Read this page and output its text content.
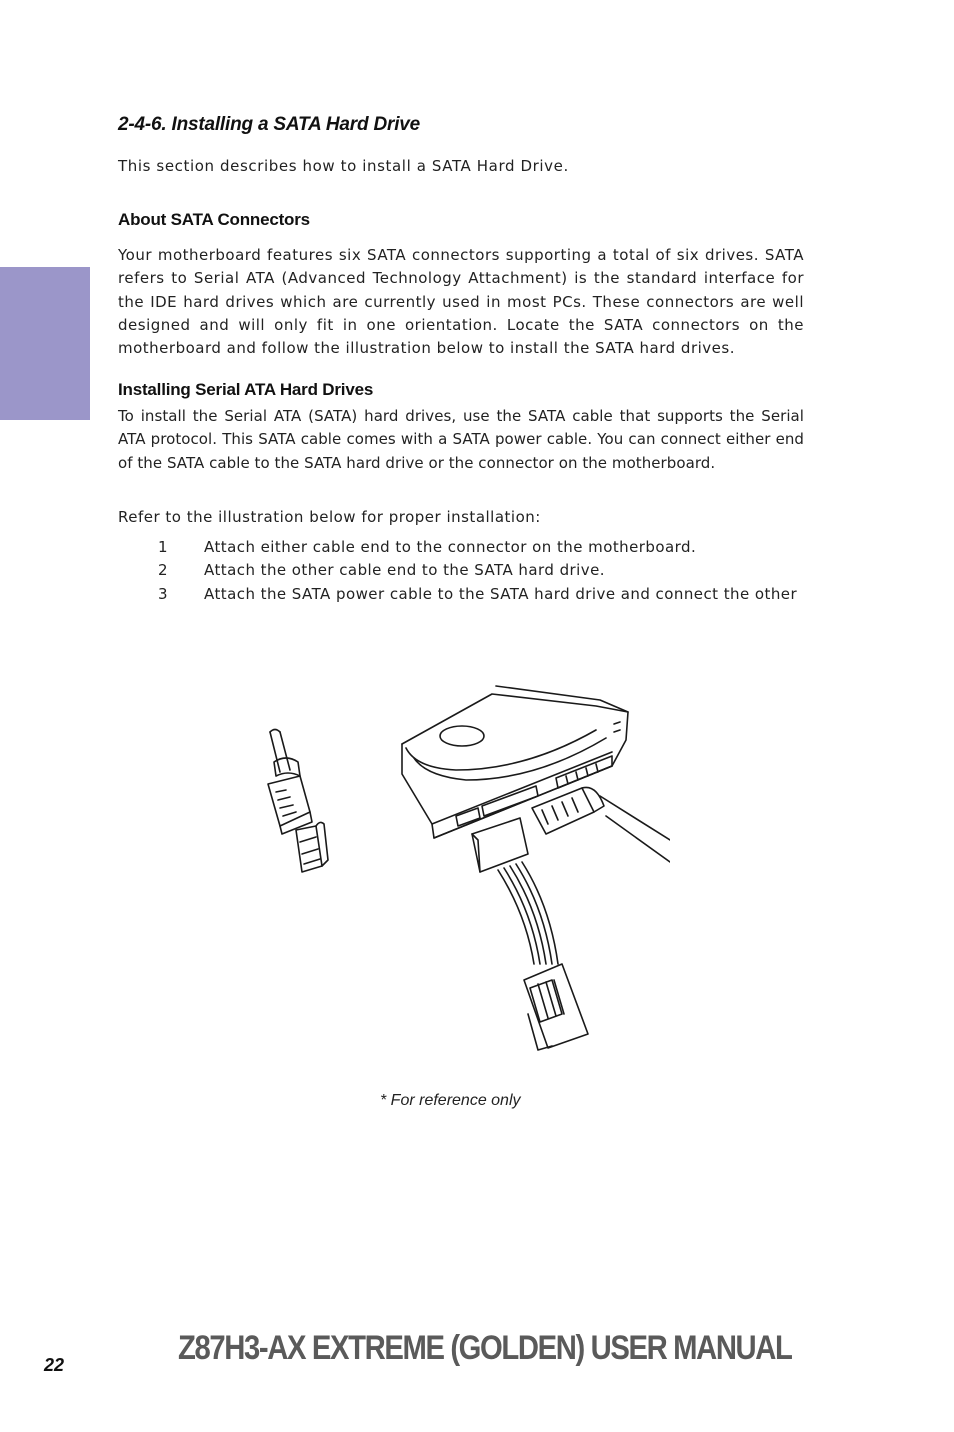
2-4-6. Installing a SATA Hard Drive

This section describes how to install a SATA Hard Drive.

About SATA Connectors

Your motherboard features six SATA connectors supporting a total of six drives. SATA refers to Serial ATA (Advanced Technology Attachment) is the standard interface for the IDE hard drives which are currently used in most PCs. These connectors are well designed and will only fit in one orientation. Locate the SATA connectors on the motherboard and follow the illustration below to install the SATA hard drives.

Installing Serial ATA Hard Drives

To install the Serial ATA (SATA) hard drives, use the SATA cable that supports the Serial ATA protocol. This SATA cable comes with a SATA power cable. You can connect either end of the SATA cable to the SATA hard drive or the connector on the motherboard.

Refer to the illustration below for proper installation:

1 Attach either cable end to the connector on the motherboard.
2 Attach the other cable end to the SATA hard drive.
3 Attach the SATA power cable to the SATA hard drive and connect the other

* For reference only

22	Z87H3-AX EXTREME (GOLDEN) USER MANUAL
